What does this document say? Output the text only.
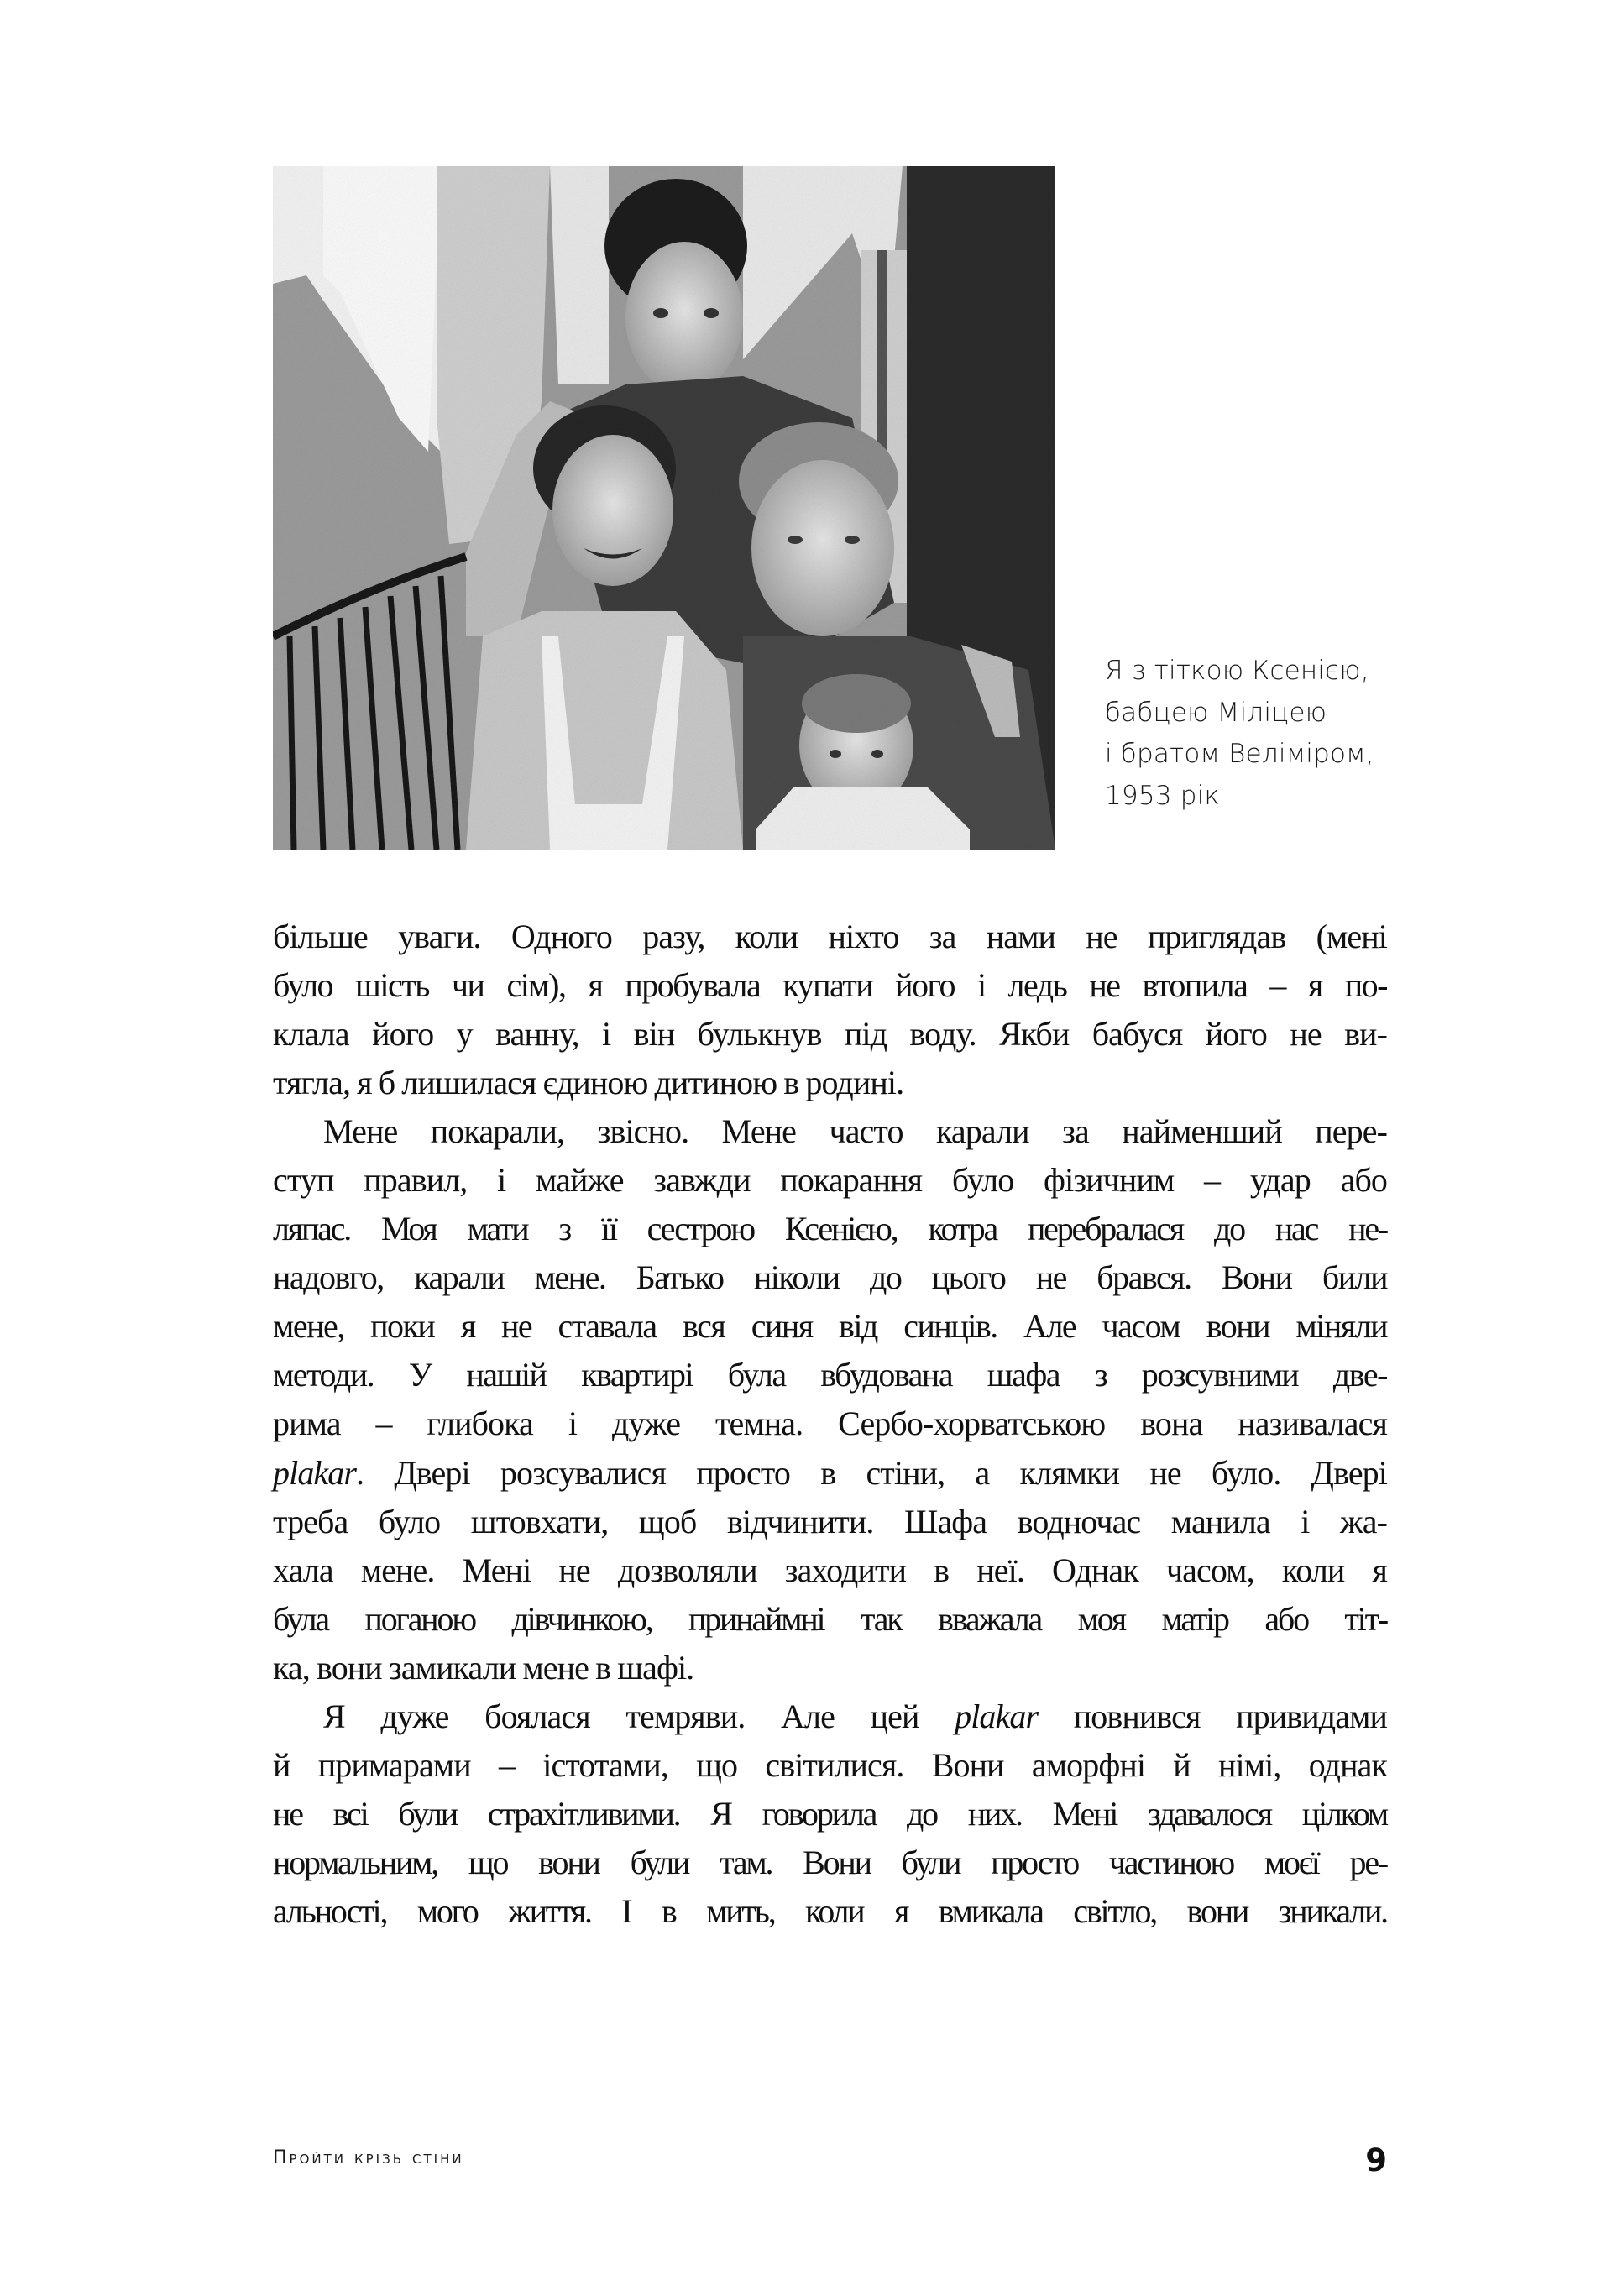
Я з тіткою Ксенією,
бабцею Міліцею
і братом Веліміром,
1953 рік
більше уваги. Одного разу, коли ніхто за нами не приглядав (мені
було шість чи сім), я пробувала купати його і ледь не втопила – я по-
клала його у ванну, і він булькнув під воду. Якби бабуся його не ви-
тягла, я б лишилася єдиною дитиною в родині.
Мене покарали, звісно. Мене часто карали за найменший пере-
ступ правил, і майже завжди покарання було фізичним – удар або
ляпас. Моя мати з її сестрою Ксенією, котра перебралася до нас не-
надовго, карали мене. Батько ніколи до цього не брався. Вони били
мене, поки я не ставала вся синя від синців. Але часом вони міняли
методи. У нашій квартирі була вбудована шафа з розсувними две-
рима – глибока і дуже темна. Сербо-хорватською вона називалася
plakar. Двері розсувалися просто в стіни, а клямки не було. Двері
треба було штовхати, щоб відчинити. Шафа водночас манила і жа-
хала мене. Мені не дозволяли заходити в неї. Однак часом, коли я
була поганою дівчинкою, принаймні так вважала моя матір або тіт-
ка, вони замикали мене в шафі.
Я дуже боялася темряви. Але цей plakar повнився привидами
й примарами – істотами, що світилися. Вони аморфні й німі, однак
не всі були страхітливими. Я говорила до них. Мені здавалося цілком
нормальним, що вони були там. Вони були просто частиною моєї ре-
альності, мого життя. І в мить, коли я вмикала світло, вони зникали.
Пройти крізь стіни	9
